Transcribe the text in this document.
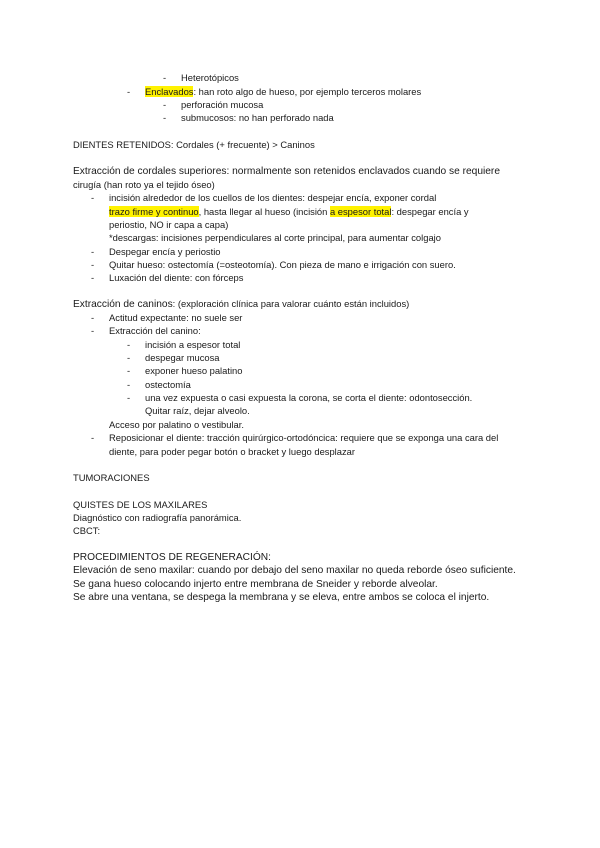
- Heterotópicos
- Enclavados: han roto algo de hueso, por ejemplo terceros molares
- perforación mucosa
- submucosos: no han perforado nada
DIENTES RETENIDOS: Cordales (+ frecuente) > Caninos
Extracción de cordales superiores: normalmente son retenidos enclavados cuando se requiere
cirugía (han roto ya el tejido óseo)
- incisión alrededor de los cuellos de los dientes: despejar encía, exponer cordal
trazo firme y continuo, hasta llegar al hueso (incisión a espesor total: despegar encía y
periostio, NO ir capa a capa)
*descargas: incisiones perpendiculares al corte principal, para aumentar colgajo
- Despegar encía y periostio
- Quitar hueso: ostectomía (=osteotomía). Con pieza de mano e irrigación con suero.
- Luxación del diente: con fórceps
Extracción de caninos: (exploración clínica para valorar cuánto están incluidos)
- Actitud expectante: no suele ser
- Extracción del canino:
- incisión a espesor total
- despegar mucosa
- exponer hueso palatino
- ostectomía
- una vez expuesta o casi expuesta la corona, se corta el diente: odontosección.
Quitar raíz, dejar alveolo.
Acceso por palatino o vestibular.
- Reposicionar el diente: tracción quirúrgico-ortodóncica: requiere que se exponga una cara del
diente, para poder pegar botón o bracket y luego desplazar
TUMORACIONES
QUISTES DE LOS MAXILARES
Diagnóstico con radiografía panorámica.
CBCT:
PROCEDIMIENTOS DE REGENERACIÓN:
Elevación de seno maxilar: cuando por debajo del seno maxilar no queda reborde óseo suficiente.
Se gana hueso colocando injerto entre membrana de Sneider y reborde alveolar.
Se abre una ventana, se despega la membrana y se eleva, entre ambos se coloca el injerto.
